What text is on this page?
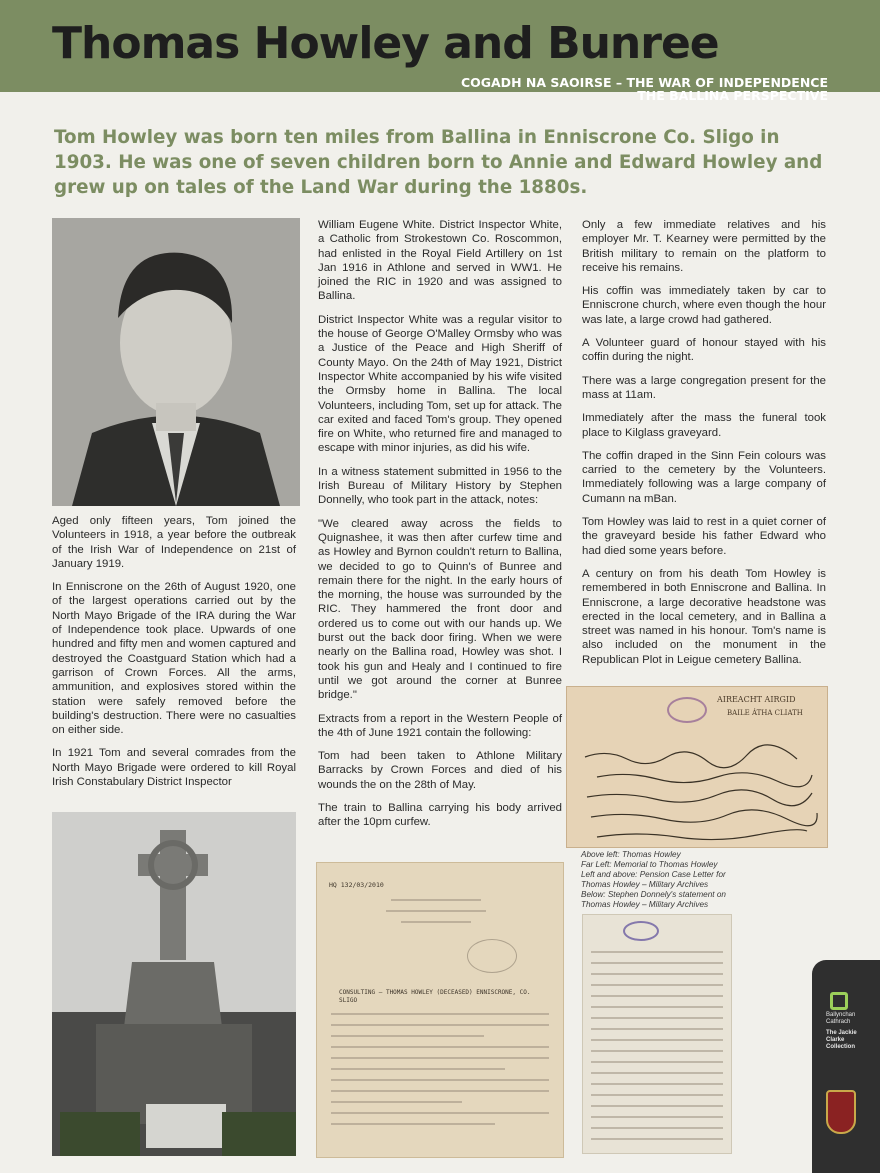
Thomas Howley and Bunree
COGADH NA SAOIRSE – THE WAR OF INDEPENDENCE
THE BALLINA PERSPECTIVE

Tom Howley was born ten miles from Ballina in Enniscrone Co. Sligo in 1903. He was one of seven children born to Annie and Edward Howley and grew up on tales of the Land War during the 1880s.

Aged only fifteen years, Tom joined the Volunteers in 1918, a year before the outbreak of the Irish War of Independence on 21st of January 1919.

In Enniscrone on the 26th of August 1920, one of the largest operations carried out by the North Mayo Brigade of the IRA during the War of Independence took place. Upwards of one hundred and fifty men and women captured and destroyed the Coastguard Station which had a garrison of Crown Forces. All the arms, ammunition, and explosives stored within the station were safely removed before the building's destruction. There were no casualties on either side.

In 1921 Tom and several comrades from the North Mayo Brigade were ordered to kill Royal Irish Constabulary District Inspector

William Eugene White. District Inspector White, a Catholic from Strokestown Co. Roscommon, had enlisted in the Royal Field Artillery on 1st Jan 1916 in Athlone and served in WW1. He joined the RIC in 1920 and was assigned to Ballina.

District Inspector White was a regular visitor to the house of George O'Malley Ormsby who was a Justice of the Peace and High Sheriff of County Mayo. On the 24th of May 1921, District Inspector White accompanied by his wife visited the Ormsby home in Ballina. The local Volunteers, including Tom, set up for attack. The car exited and faced Tom's group. They opened fire on White, who returned fire and managed to escape with minor injuries, as did his wife.

In a witness statement submitted in 1956 to the Irish Bureau of Military History by Stephen Donnelly, who took part in the attack, notes:

"We cleared away across the fields to Quignashee, it was then after curfew time and as Howley and Byrnon couldn't return to Ballina, we decided to go to Quinn's of Bunree and remain there for the night. In the early hours of the morning, the house was surrounded by the RIC. They hammered the front door and ordered us to come out with our hands up. We burst out the back door firing. When we were nearly on the Ballina road, Howley was shot. I took his gun and Healy and I continued to fire until we got around the corner at Bunree bridge."

Extracts from a report in the Western People of the 4th of June 1921 contain the following:

Tom had been taken to Athlone Military Barracks by Crown Forces and died of his wounds the on the 28th of May.

The train to Ballina carrying his body arrived after the 10pm curfew.

Only a few immediate relatives and his employer Mr. T. Kearney were permitted by the British military to remain on the platform to receive his remains.

His coffin was immediately taken by car to Enniscrone church, where even though the hour was late, a large crowd had gathered.

A Volunteer guard of honour stayed with his coffin during the night.

There was a large congregation present for the mass at 11am.

Immediately after the mass the funeral took place to Kilglass graveyard.

The coffin draped in the Sinn Fein colours was carried to the cemetery by the Volunteers. Immediately following was a large company of Cumann na mBan.

Tom Howley was laid to rest in a quiet corner of the graveyard beside his father Edward who had died some years before.

A century on from his death Tom Howley is remembered in both Enniscrone and Ballina. In Enniscrone, a large decorative headstone was erected in the local cemetery, and in Ballina a street was named in his honour. Tom's name is also included on the monument in the Republican Plot in Leigue cemetery Ballina.

AIREACHT AIRGID
BAILE ÁTHA CLIATH
Above left: Thomas Howley
Far Left: Memorial to Thomas Howley
Left and above: Pension Case Letter for
Thomas Howley – Military Archives
Below: Stephen Donnely's statement on
Thomas Howley – Military Archives
HQ 132/03/2010
CONSULTING – THOMAS HOWLEY (DECEASED) ENNISCRONE, CO. SLIGO
Ballynchan
Cathrach
The Jackie
Clarke
Collection
